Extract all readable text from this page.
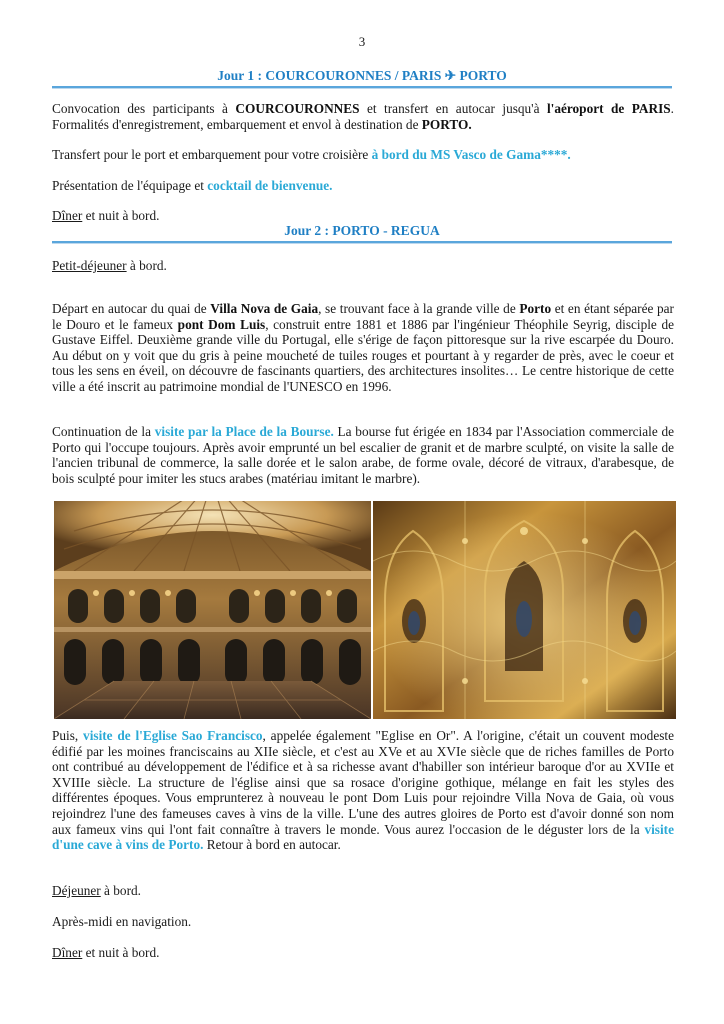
3
Jour 1 : COURCOURONNES / PARIS ✈ PORTO

Convocation des participants à COURCOURONNES et transfert en autocar jusqu'à l'aéroport de PARIS. Formalités d'enregistrement, embarquement et envol à destination de PORTO.

Transfert pour le port et embarquement pour votre croisière à bord du MS Vasco de Gama****.

Présentation de l'équipage et cocktail de bienvenue.

Dîner et nuit à bord.

Jour 2 : PORTO - REGUA

Petit-déjeuner à bord.

Départ en autocar du quai de Villa Nova de Gaia, se trouvant face à la grande ville de Porto et en étant séparée par le Douro et le fameux pont Dom Luis, construit entre 1881 et 1886 par l'ingénieur Théophile Seyrig, disciple de Gustave Eiffel. Deuxième grande ville du Portugal, elle s'érige de façon pittoresque sur la rive escarpée du Douro. Au début on y voit que du gris à peine moucheté de tuiles rouges et pourtant à y regarder de près, avec le coeur et tous les sens en éveil, on découvre de fascinants quartiers, des architectures insolites… Le centre historique de cette ville a été inscrit au patrimoine mondial de l'UNESCO en 1996.

Continuation de la visite par la Place de la Bourse. La bourse fut érigée en 1834 par l'Association commerciale de Porto qui l'occupe toujours. Après avoir emprunté un bel escalier de granit et de marbre sculpté, on visite la salle de l'ancien tribunal de commerce, la salle dorée et le salon arabe, de forme ovale, décoré de vitraux, d'arabesque, de bois sculpté pour imiter les stucs arabes (matériau imitant le marbre).

Puis, visite de l'Eglise Sao Francisco, appelée également "Eglise en Or". A l'origine, c'était un couvent modeste édifié par les moines franciscains au XIIe siècle, et c'est au XVe et au XVIe siècle que de riches familles de Porto ont contribué au développement de l'édifice et à sa richesse avant d'habiller son intérieur baroque d'or au XVIIe et XVIIIe siècle. La structure de l'église ainsi que sa rosace d'origine gothique, mélange en fait les styles des différentes époques. Vous emprunterez à nouveau le pont Dom Luis pour rejoindre Villa Nova de Gaia, où vous rejoindrez l'une des fameuses caves à vins de la ville. L'une des autres gloires de Porto est d'avoir donné son nom aux fameux vins qui l'ont fait connaître à travers le monde. Vous aurez l'occasion de le déguster lors de la visite d'une cave à vins de Porto. Retour à bord en autocar.

Déjeuner à bord.

Après-midi en navigation.

Dîner et nuit à bord.
